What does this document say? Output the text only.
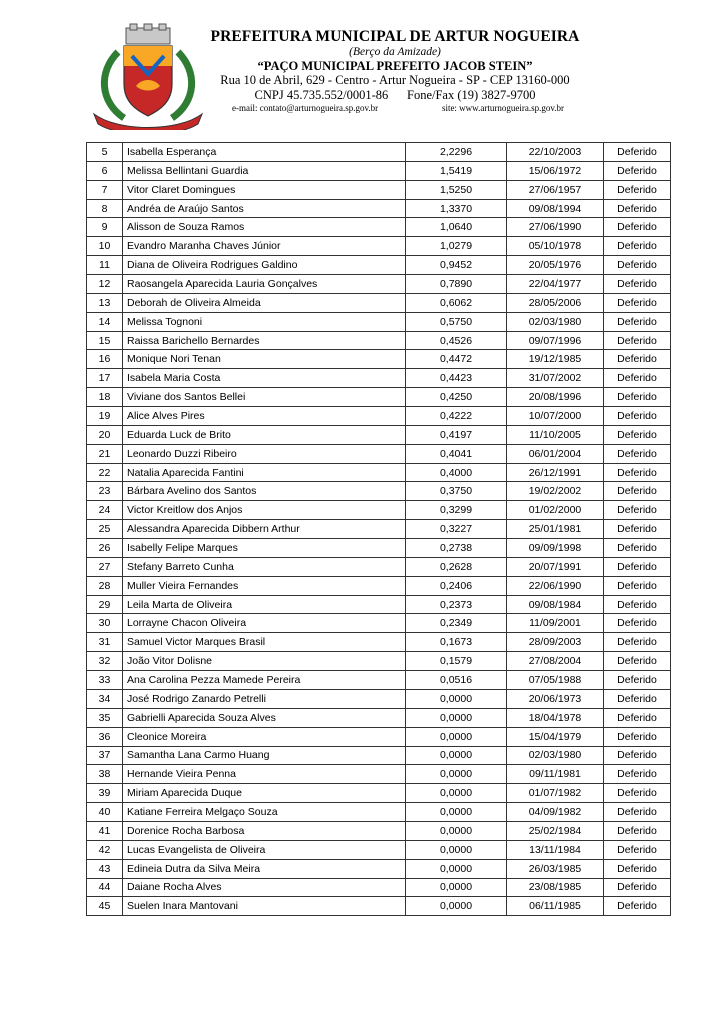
PREFEITURA MUNICIPAL DE ARTUR NOGUEIRA
(Berço da Amizade)
“PAÇO MUNICIPAL PREFEITO JACOB STEIN”
Rua 10 de Abril, 629 - Centro - Artur Nogueira - SP - CEP 13160-000
CNPJ 45.735.552/0001-86      Fone/Fax (19) 3827-9700
e-mail: contato@arturnogueira.sp.gov.br	site: www.arturnogueira.sp.gov.br
5	Isabella Esperança	2,2296	22/10/2003	Deferido
6	Melissa Bellintani Guardia	1,5419	15/06/1972	Deferido
7	Vitor Claret Domingues	1,5250	27/06/1957	Deferido
8	Andréa de Araújo Santos	1,3370	09/08/1994	Deferido
9	Alisson de Souza Ramos	1,0640	27/06/1990	Deferido
10	Evandro Maranha Chaves Júnior	1,0279	05/10/1978	Deferido
11	Diana de Oliveira Rodrigues Galdino	0,9452	20/05/1976	Deferido
12	Raosangela Aparecida Lauria Gonçalves	0,7890	22/04/1977	Deferido
13	Deborah de Oliveira Almeida	0,6062	28/05/2006	Deferido
14	Melissa Tognoni	0,5750	02/03/1980	Deferido
15	Raissa Barichello Bernardes	0,4526	09/07/1996	Deferido
16	Monique Nori Tenan	0,4472	19/12/1985	Deferido
17	Isabela Maria Costa	0,4423	31/07/2002	Deferido
18	Viviane dos Santos Bellei	0,4250	20/08/1996	Deferido
19	Alice Alves Pires	0,4222	10/07/2000	Deferido
20	Eduarda Luck de Brito	0,4197	11/10/2005	Deferido
21	Leonardo Duzzi Ribeiro	0,4041	06/01/2004	Deferido
22	Natalia Aparecida Fantini	0,4000	26/12/1991	Deferido
23	Bárbara Avelino dos Santos	0,3750	19/02/2002	Deferido
24	Victor Kreitlow dos Anjos	0,3299	01/02/2000	Deferido
25	Alessandra Aparecida Dibbern Arthur	0,3227	25/01/1981	Deferido
26	Isabelly Felipe Marques	0,2738	09/09/1998	Deferido
27	Stefany Barreto Cunha	0,2628	20/07/1991	Deferido
28	Muller Vieira Fernandes	0,2406	22/06/1990	Deferido
29	Leila Marta de Oliveira	0,2373	09/08/1984	Deferido
30	Lorrayne Chacon Oliveira	0,2349	11/09/2001	Deferido
31	Samuel Victor Marques Brasil	0,1673	28/09/2003	Deferido
32	João Vitor Dolisne	0,1579	27/08/2004	Deferido
33	Ana Carolina Pezza Mamede Pereira	0,0516	07/05/1988	Deferido
34	José Rodrigo Zanardo Petrelli	0,0000	20/06/1973	Deferido
35	Gabrielli Aparecida Souza Alves	0,0000	18/04/1978	Deferido
36	Cleonice Moreira	0,0000	15/04/1979	Deferido
37	Samantha Lana Carmo Huang	0,0000	02/03/1980	Deferido
38	Hernande Vieira Penna	0,0000	09/11/1981	Deferido
39	Miriam Aparecida Duque	0,0000	01/07/1982	Deferido
40	Katiane Ferreira Melgaço Souza	0,0000	04/09/1982	Deferido
41	Dorenice Rocha Barbosa	0,0000	25/02/1984	Deferido
42	Lucas Evangelista de Oliveira	0,0000	13/11/1984	Deferido
43	Edineia Dutra da Silva Meira	0,0000	26/03/1985	Deferido
44	Daiane Rocha Alves	0,0000	23/08/1985	Deferido
45	Suelen Inara Mantovani	0,0000	06/11/1985	Deferido
